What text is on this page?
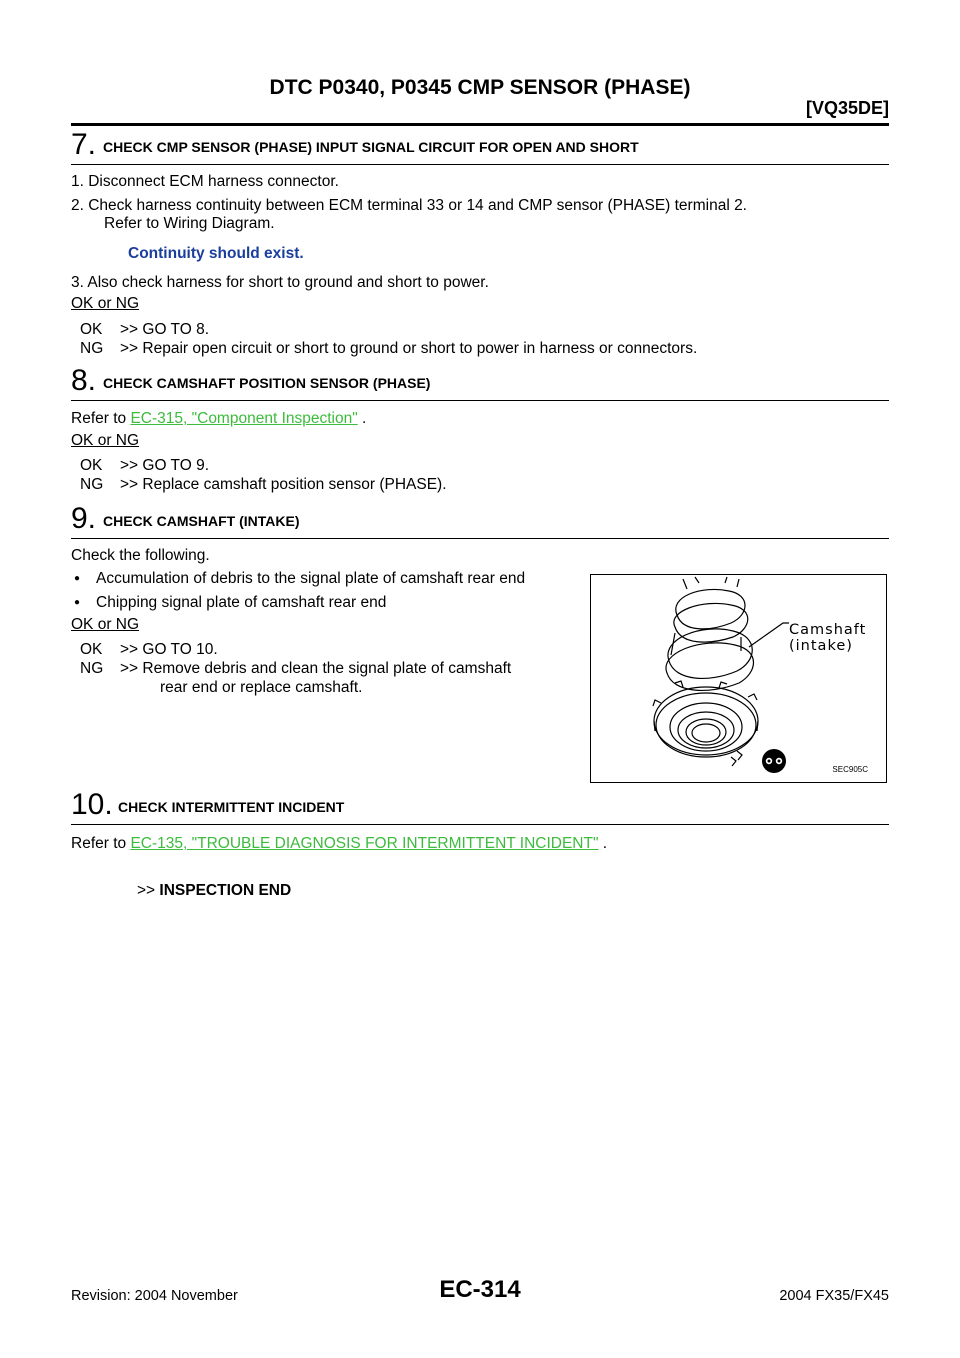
DTC P0340, P0345 CMP SENSOR (PHASE)
[VQ35DE]
7. CHECK CMP SENSOR (PHASE) INPUT SIGNAL CIRCUIT FOR OPEN AND SHORT
1. Disconnect ECM harness connector.
2. Check harness continuity between ECM terminal 33 or 14 and CMP sensor (PHASE) terminal 2.
Refer to Wiring Diagram.
Continuity should exist.
3. Also check harness for short to ground and short to power.
OK or NG
OK >> GO TO 8.
NG >> Repair open circuit or short to ground or short to power in harness or connectors.
8. CHECK CAMSHAFT POSITION SENSOR (PHASE)
Refer to EC-315, "Component Inspection" .
OK or NG
OK >> GO TO 9.
NG >> Replace camshaft position sensor (PHASE).
9. CHECK CAMSHAFT (INTAKE)
Check the following.
● Accumulation of debris to the signal plate of camshaft rear end
● Chipping signal plate of camshaft rear end
OK or NG
OK >> GO TO 10.
NG >> Remove debris and clean the signal plate of camshaft
rear end or replace camshaft.
Camshaft
(intake)
SEC905C
10. CHECK INTERMITTENT INCIDENT
Refer to EC-135, "TROUBLE DIAGNOSIS FOR INTERMITTENT INCIDENT" .
>> INSPECTION END
EC-314
Revision: 2004 November	2004 FX35/FX45
